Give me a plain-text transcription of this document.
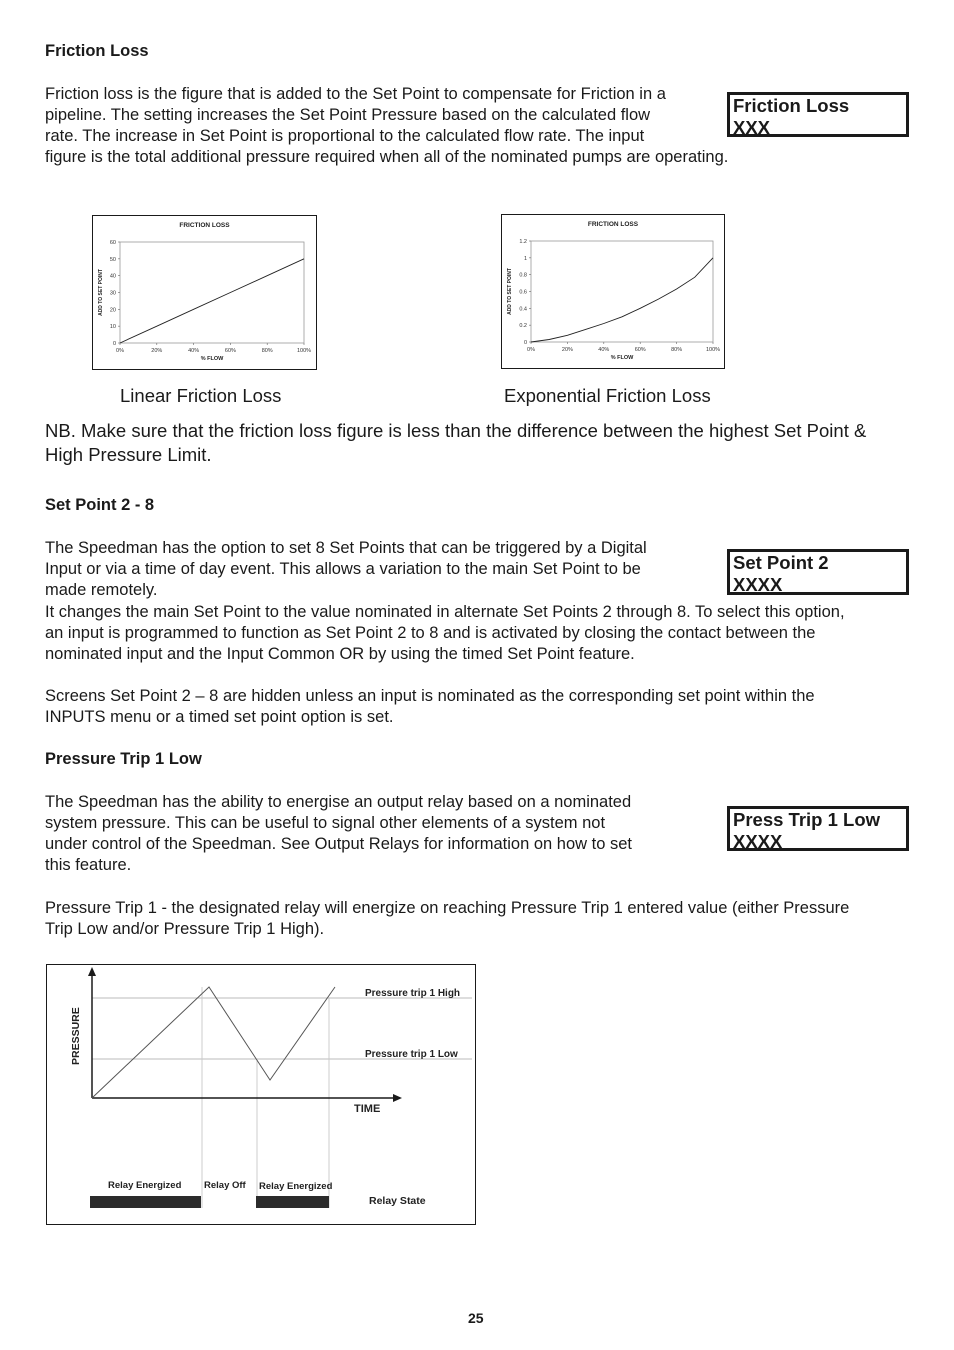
Friction Loss
Friction loss is the figure that is added to the Set Point to compensate for Friction in a
pipeline. The setting increases the Set Point Pressure based on the calculated flow
rate. The increase in Set Point is proportional to the calculated flow rate. The input
figure is the total additional pressure required when all of the nominated pumps are operating.
Friction Loss
XXX
FRICTION LOSS
0
10
20
30
40
50
60
0%	20%	40%	60%	80%	100%
% FLOW
ADD TO SET POINT
FRICTION LOSS
0
0.2
0.4
0.6
0.8
1
1.2
0%	20%	40%	60%	80%	100%
% FLOW
ADD TO SET POINT
Linear Friction Loss	Exponential Friction Loss
NB. Make sure that the friction loss figure is less than the difference between the highest Set Point &
High Pressure Limit.
Set Point 2 - 8
The Speedman has the option to set 8 Set Points that can be triggered by a Digital
Input or via a time of day event. This allows a variation to the main Set Point to be
made remotely.
It changes the main Set Point to the value nominated in alternate Set Points 2 through 8. To select this option,
an input is programmed to function as Set Point 2 to 8 and is activated by closing the contact between the
nominated input and the Input Common OR by using the timed Set Point feature.
Screens Set Point 2 – 8 are hidden unless an input is nominated as the corresponding set point within the
INPUTS menu or a timed set point option is set.
Set Point 2
XXXX
Pressure Trip 1 Low
The Speedman has the ability to energise an output relay based on a nominated
system pressure. This can be useful to signal other elements of a system not
under control of the Speedman. See Output Relays for information on how to set
this feature.
Pressure Trip 1 - the designated relay will energize on reaching Pressure Trip 1 entered value (either Pressure
Trip Low and/or Pressure Trip 1 High).
Press Trip 1 Low
XXXX
PRESSURE
TIME
Pressure trip 1 High
Pressure trip 1 Low
Relay Energized Relay Off Relay Energized
Relay State
25
